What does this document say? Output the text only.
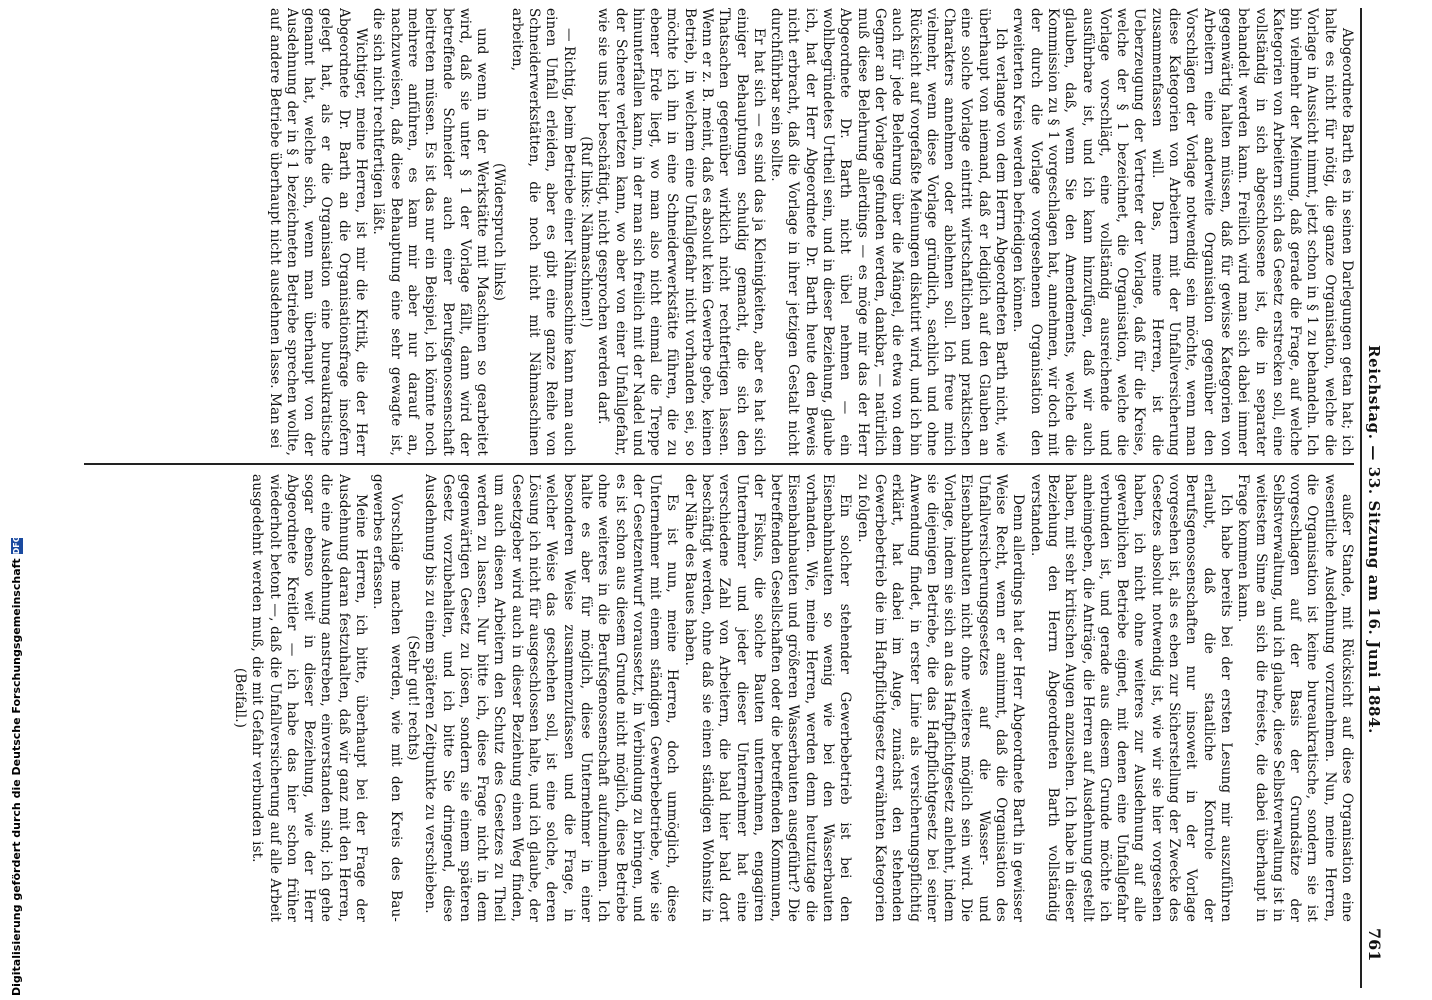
Reichstag. — 33. Sitzung am 16. Juni 1884.
761

Abgeordnete Barth es in seinen Darlegungen getan hat; ich halte es nicht für nötig, die ganze Organisation, welche die Vorlage in Aussicht nimmt, jetzt schon in § 1 zu behandeln. Ich bin vielmehr der Meinung, daß gerade die Frage, auf welche Kategorien von Arbeitern sich das Gesetz erstrecken soll, eine vollständig in sich abgeschlossene ist, die in separater behandelt werden kann. Freilich wird man sich dabei immer gegenwärtig halten müssen, daß für gewisse Kategorien von Arbeitern eine anderweite Organisation gegenüber den Vorschlägen der Vorlage notwendig sein möchte, wenn man diese Kategorien von Arbeitern mit der Unfallversicherung zusammenfassen will. Das, meine Herren, ist die Ueberzeugung der Vertreter der Vorlage, daß für die Kreise, welche der § 1 bezeichnet, die Organisation, welche die Vorlage vorschlägt, eine vollständig ausreichende und ausführbare ist, und ich kann hinzufügen, daß wir auch glauben, daß, wenn Sie den Amendements, welche die Kommission zu § 1 vorgeschlagen hat, annehmen, wir doch mit der durch die Vorlage vorgesehenen Organisation den erweiterten Kreis werden befriedigen können.

Ich verlange von dem Herrn Abgeordneten Barth nicht, wie überhaupt von niemand, daß er lediglich auf den Glauben an eine solche Vorlage eintritt wirtschaftlichen und praktischen Charakters annehmen oder ablehnen soll. Ich freue mich vielmehr, wenn diese Vorlage gründlich, sachlich und ohne Rücksicht auf vorgefaßte Meinungen diskutirt wird, und ich bin auch für jede Belehrung über die Mängel, die etwa von dem Gegner an der Vorlage gefunden werden, dankbar, — natürlich muß diese Belehrung allerdings — es möge mir das der Herr Abgeordnete Dr. Barth nicht übel nehmen — ein wohlbegründetes Urtheil sein, und in dieser Beziehung, glaube ich, hat der Herr Abgeordnete Dr. Barth heute den Beweis nicht erbracht, daß die Vorlage in ihrer jetzigen Gestalt nicht durchführbar sein sollte.

Er hat sich — es sind das ja Kleinigkeiten, aber es hat sich einiger Behauptungen schuldig gemacht, die sich den Thatsachen gegenüber wirklich nicht rechtfertigen lassen. Wenn er z. B. meint, daß es absolut kein Gewerbe gebe, keinen Betrieb, in welchem eine Unfallgefahr nicht vorhanden sei, so möchte ich ihn in eine Schneiderwerkstätte führen, die zu ebener Erde liegt, wo man also nicht einmal die Treppe hinunterfallen kann, in der man sich freilich mit der Nadel und der Scheere verletzen kann, wo aber von einer Unfallgefahr, wie sie uns hier beschäftigt, nicht gesprochen werden darf.

(Ruf links: Nähmaschinen!)

— Richtig, beim Betriebe einer Nähmaschine kann man auch einen Unfall erleiden, aber es gibt eine ganze Reihe von Schneiderwerkstätten, die noch nicht mit Nähmaschinen arbeiten,

(Widerspruch links)

und wenn in der Werkstätte mit Maschinen so gearbeitet wird, daß sie unter § 1 der Vorlage fällt, dann wird der betreffende Schneider auch einer Berufsgenossenschaft beitreten müssen. Es ist das nur ein Beispiel, ich könnte noch mehrere anführen, es kam mir aber nur darauf an, nachzuweisen, daß diese Behauptung eine sehr gewagte ist, die sich nicht rechtfertigen läßt.

Wichtiger, meine Herren, ist mir die Kritik, die der Herr Abgeordnete Dr. Barth an die Organisationsfrage insofern gelegt hat, als er die Organisation eine bureaukratische genannt hat, welche sich, wenn man überhaupt von der Ausdehnung der in § 1 bezeichneten Betriebe sprechen wollte, auf andere Betriebe überhaupt nicht ausdehnen lasse. Man sei

außer Stande, mit Rücksicht auf diese Organisation eine wesentliche Ausdehnung vorzunehmen. Nun, meine Herren, die Organisation ist keine bureaukratische, sondern sie ist vorgeschlagen auf der Basis der Grundsätze der Selbstverwaltung, und ich glaube, diese Selbstverwaltung ist in weitestem Sinne an sich die freieste, die dabei überhaupt in Frage kommen kann.

Ich habe bereits bei der ersten Lesung mir auszuführen erlaubt, daß die staatliche Kontrole der Berufsgenossenschaften nur insoweit in der Vorlage vorgesehen ist, als es eben zur Sicherstellung der Zwecke des Gesetzes absolut notwendig ist, wie wir sie hier vorgesehen haben, ich nicht ohne weiteres zur Ausdehnung auf alle gewerblichen Betriebe eignet, mit denen eine Unfallgefahr verbunden ist, und gerade aus diesem Grunde möchte ich anheimgeben, die Anträge, die Herren auf Ausdehnung gestellt haben, mit sehr kritischen Augen anzusehen. Ich habe in dieser Beziehung den Herrn Abgeordneten Barth vollständig verstanden.

Denn allerdings hat der Herr Abgeordnete Barth in gewisser Weise Recht, wenn er annimmt, daß die Organisation des Unfallversicherungsgesetzes auf die Wasser- und Eisenbahnbauten nicht ohne weiteres möglich sein wird. Die Vorlage, indem sie sich an das Haftpflichtgesetz anlehnt, indem sie diejenigen Betriebe, die das Haftpflichtgesetz bei seiner Anwendung findet, in erster Linie als versicherungspflichtig erklärt, hat dabei im Auge, zunächst den stehenden Gewerbebetrieb die im Haftpflichtgesetz erwähnten Kategorien zu folgen.

Ein solcher stehender Gewerbebetrieb ist bei den Eisenbahnbauten so wenig wie bei den Wasserbauten vorhanden. Wie, meine Herren, werden denn heutzutage die Eisenbahnbauten und größeren Wasserbauten ausgeführt? Die betreffenden Gesellschaften oder die betreffenden Kommunen, der Fiskus, die solche Bauten unternehmen, engagiren Unternehmer und jeder dieser Unternehmer hat eine verschiedene Zahl von Arbeitern, die bald hier bald dort beschäftigt werden, ohne daß sie einen ständigen Wohnsitz in der Nähe des Baues haben.

Es ist nun, meine Herren, doch unmöglich, diese Unternehmer mit einem ständigen Gewerbebetriebe, wie sie der Gesetzentwurf voraussetzt, in Verbindung zu bringen, und es ist schon aus diesem Grunde nicht möglich, diese Betriebe ohne weiteres in die Berufsgenossenschaft aufzunehmen. Ich halte es aber für möglich, diese Unternehmer in einer besonderen Weise zusammenzufassen und die Frage, in welcher Weise das geschehen soll, ist eine solche, deren Lösung ich nicht für ausgeschlossen halte, und ich glaube, der Gesetzgeber wird auch in dieser Beziehung einen Weg finden, um auch diesen Arbeitern den Schutz des Gesetzes zu Theil werden zu lassen. Nur bitte ich, diese Frage nicht in dem gegenwärtigen Gesetz zu lösen, sondern sie einem späteren Gesetz vorzubehalten, und ich bitte Sie dringend, diese Ausdehnung bis zu einem späteren Zeitpunkte zu verschieben.

(Sehr gut! rechts)

Vorschläge machen werden, wie mit den Kreis des Bau-gewerbes erfassen.

Meine Herren, ich bitte, überhaupt bei der Frage der Ausdehnung daran festzuhalten, daß wir ganz mit den Herren, die eine Ausdehnung anstreben, einverstanden sind; ich gehe sogar ebenso weit in dieser Beziehung, wie der Herr Abgeordnete Kreitler — ich habe das hier schon früher wiederholt betont —, daß die Unfallversicherung auf alle Arbeit ausgedehnt werden muß, die mit Gefahr verbunden ist.

(Beifall.)

Digitalisierung gefördert durch die Deutsche ForschungsgemeinschaftDFG
